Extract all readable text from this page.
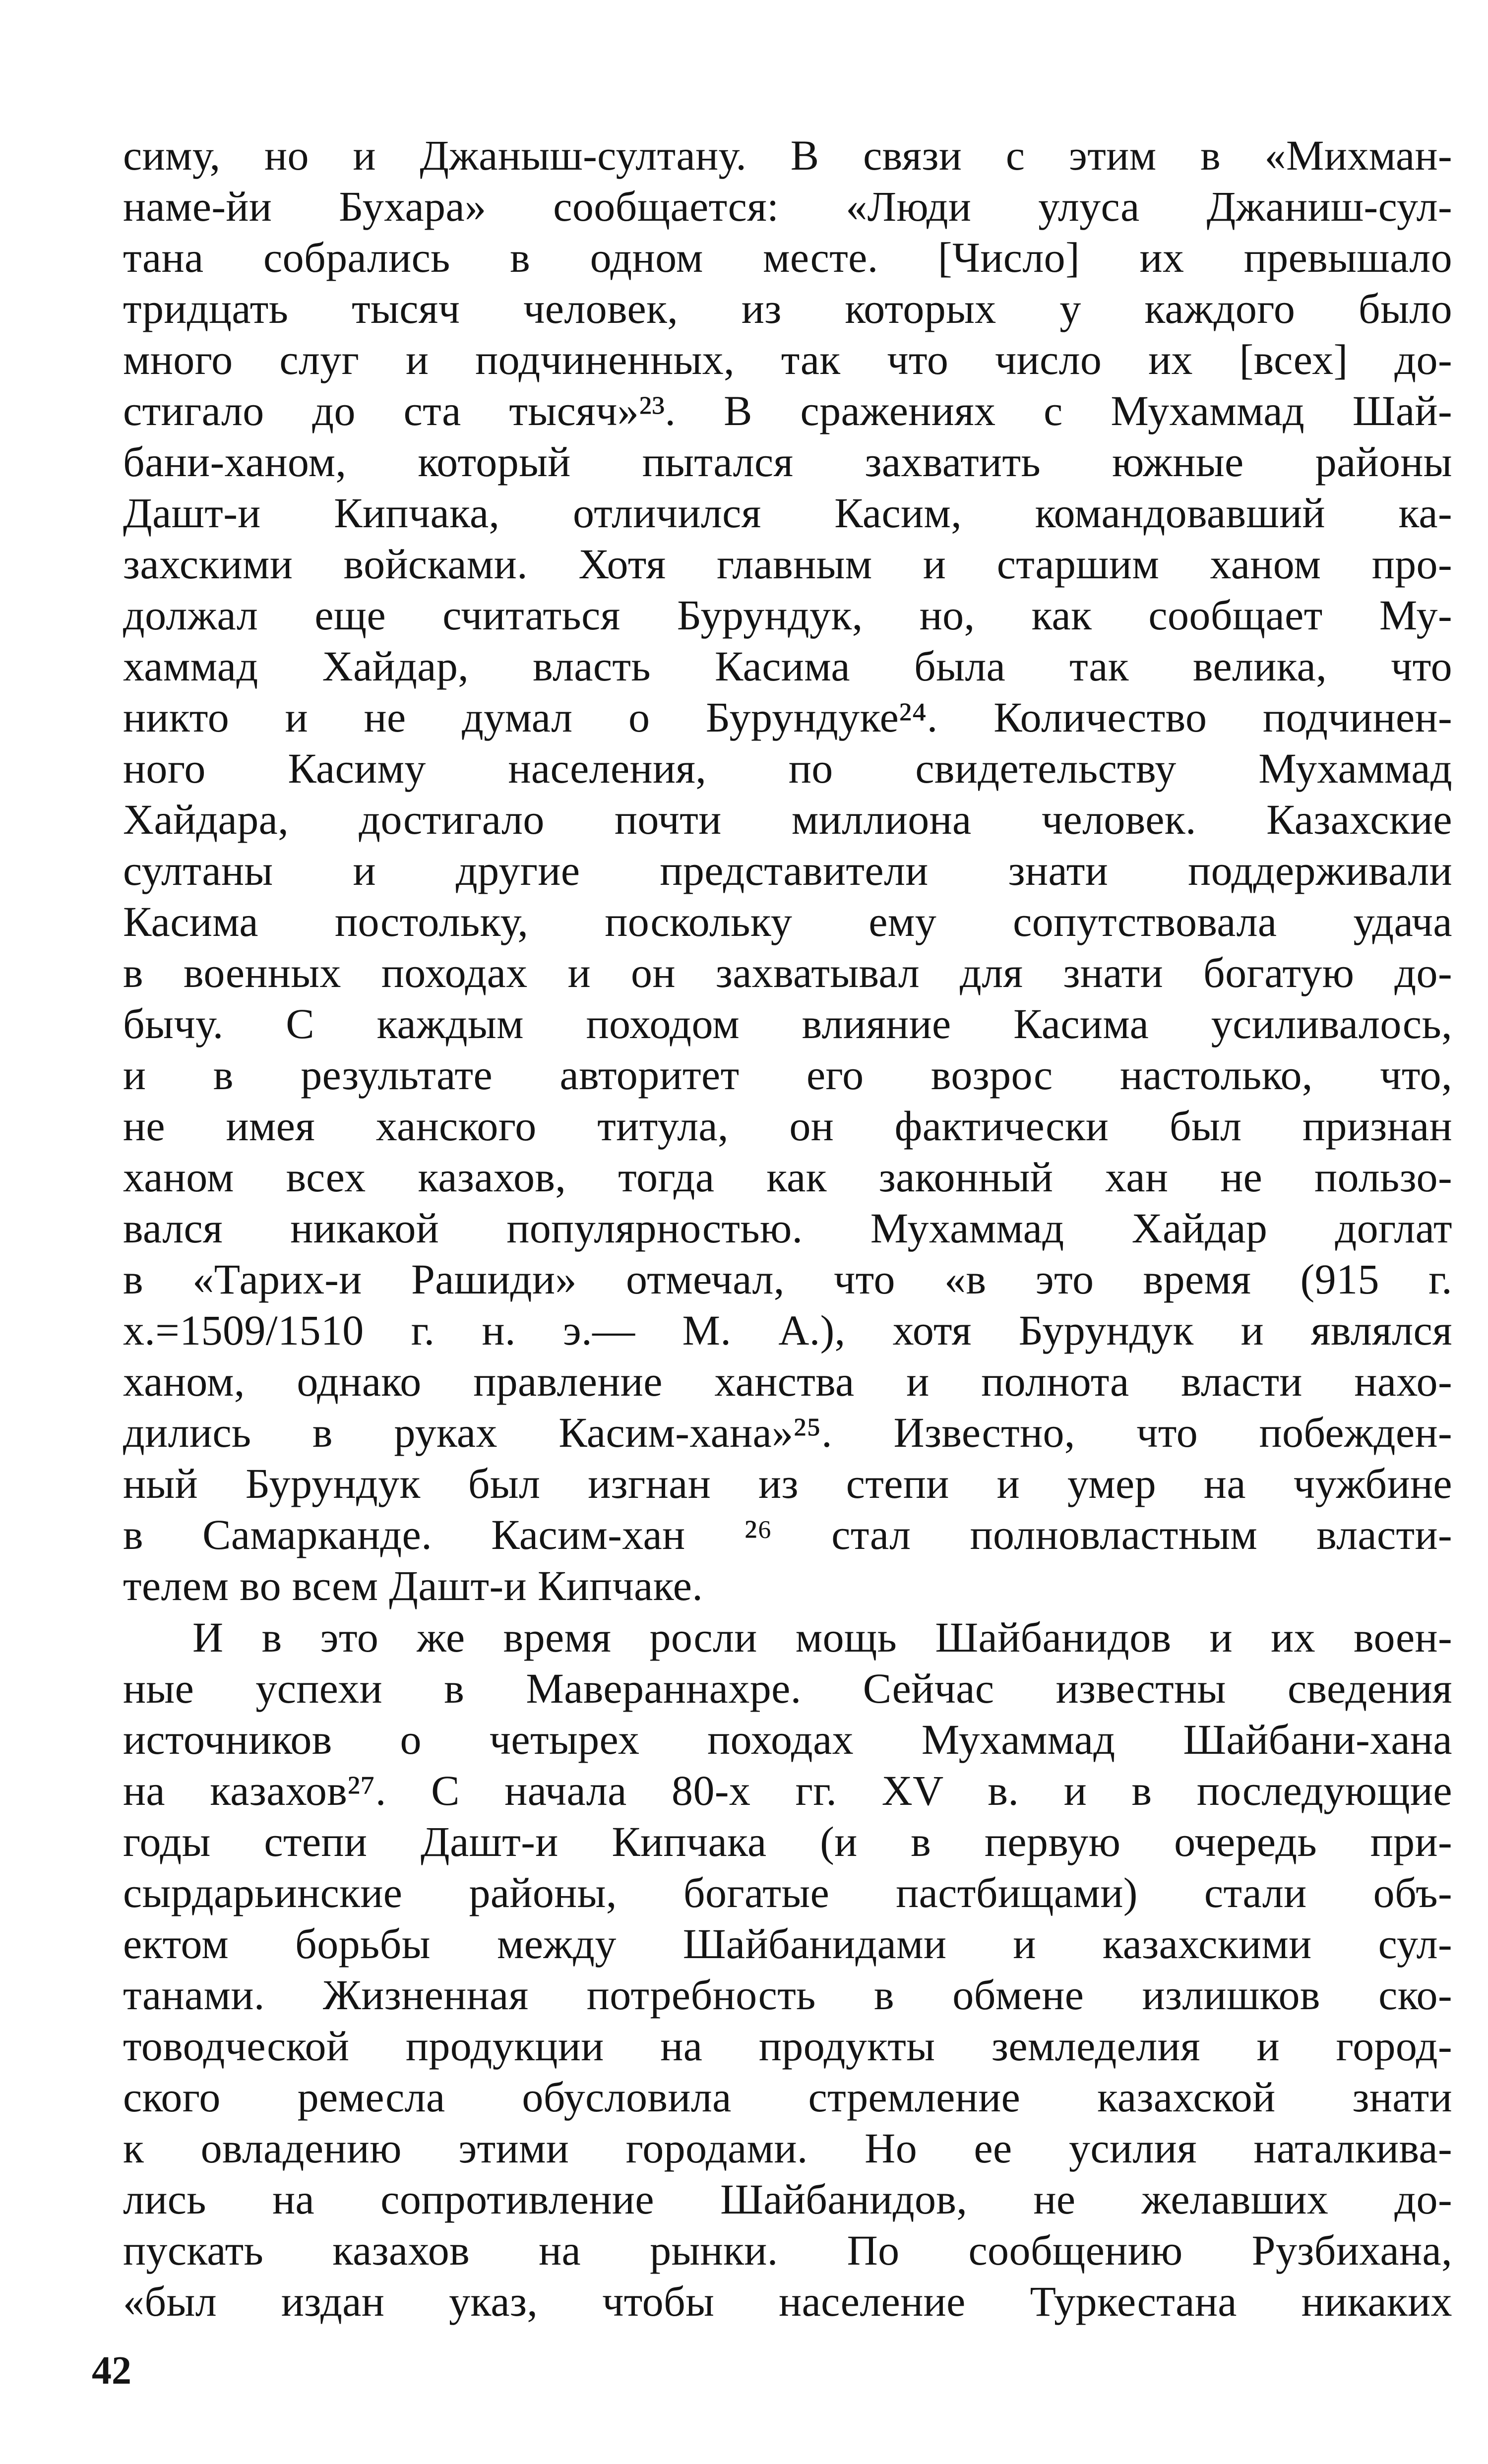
симу, но и Джаныш-султану. В связи с этим в «Михман-
наме-йи Бухара» сообщается: «Люди улуса Джаниш-сул-
тана собрались в одном месте. [Число] их превышало
тридцать тысяч человек, из которых у каждого было
много слуг и подчиненных, так что число их [всех] до-
стигало до ста тысяч»²³. В сражениях с Мухаммад Шай-
бани-ханом, который пытался захватить южные районы
Дашт-и Кипчака, отличился Касим, командовавший ка-
захскими войсками. Хотя главным и старшим ханом про-
должал еще считаться Бурундук, но, как сообщает Му-
хаммад Хайдар, власть Касима была так велика, что
никто и не думал о Бурундуке²⁴. Количество подчинен-
ного Касиму населения, по свидетельству Мухаммад
Хайдара, достигало почти миллиона человек. Казахские
султаны и другие представители знати поддерживали
Касима постольку, поскольку ему сопутствовала удача
в военных походах и он захватывал для знати богатую до-
бычу. С каждым походом влияние Касима усиливалось,
и в результате авторитет его возрос настолько, что,
не имея ханского титула, он фактически был признан
ханом всех казахов, тогда как законный хан не пользо-
вался никакой популярностью. Мухаммад Хайдар доглат
в «Тарих-и Рашиди» отмечал, что «в это время (915 г.
х.=1509/1510 г. н. э.— М. А.), хотя Бурундук и являлся
ханом, однако правление ханства и полнота власти нахо-
дились в руках Касим-хана»²⁵. Известно, что побежден-
ный Бурундук был изгнан из степи и умер на чужбине
в Самарканде. Касим-хан ²⁶ стал полновластным власти-
телем во всем Дашт-и Кипчаке.
И в это же время росли мощь Шайбанидов и их воен-
ные успехи в Мавераннахре. Сейчас известны сведения
источников о четырех походах Мухаммад Шайбани-хана
на казахов²⁷. С начала 80-х гг. XV в. и в последующие
годы степи Дашт-и Кипчака (и в первую очередь при-
сырдарьинские районы, богатые пастбищами) стали объ-
ектом борьбы между Шайбанидами и казахскими сул-
танами. Жизненная потребность в обмене излишков ско-
товодческой продукции на продукты земледелия и город-
ского ремесла обусловила стремление казахской знати
к овладению этими городами. Но ее усилия наталкива-
лись на сопротивление Шайбанидов, не желавших до-
пускать казахов на рынки. По сообщению Рузбихана,
«был издан указ, чтобы население Туркестана никаких
42
